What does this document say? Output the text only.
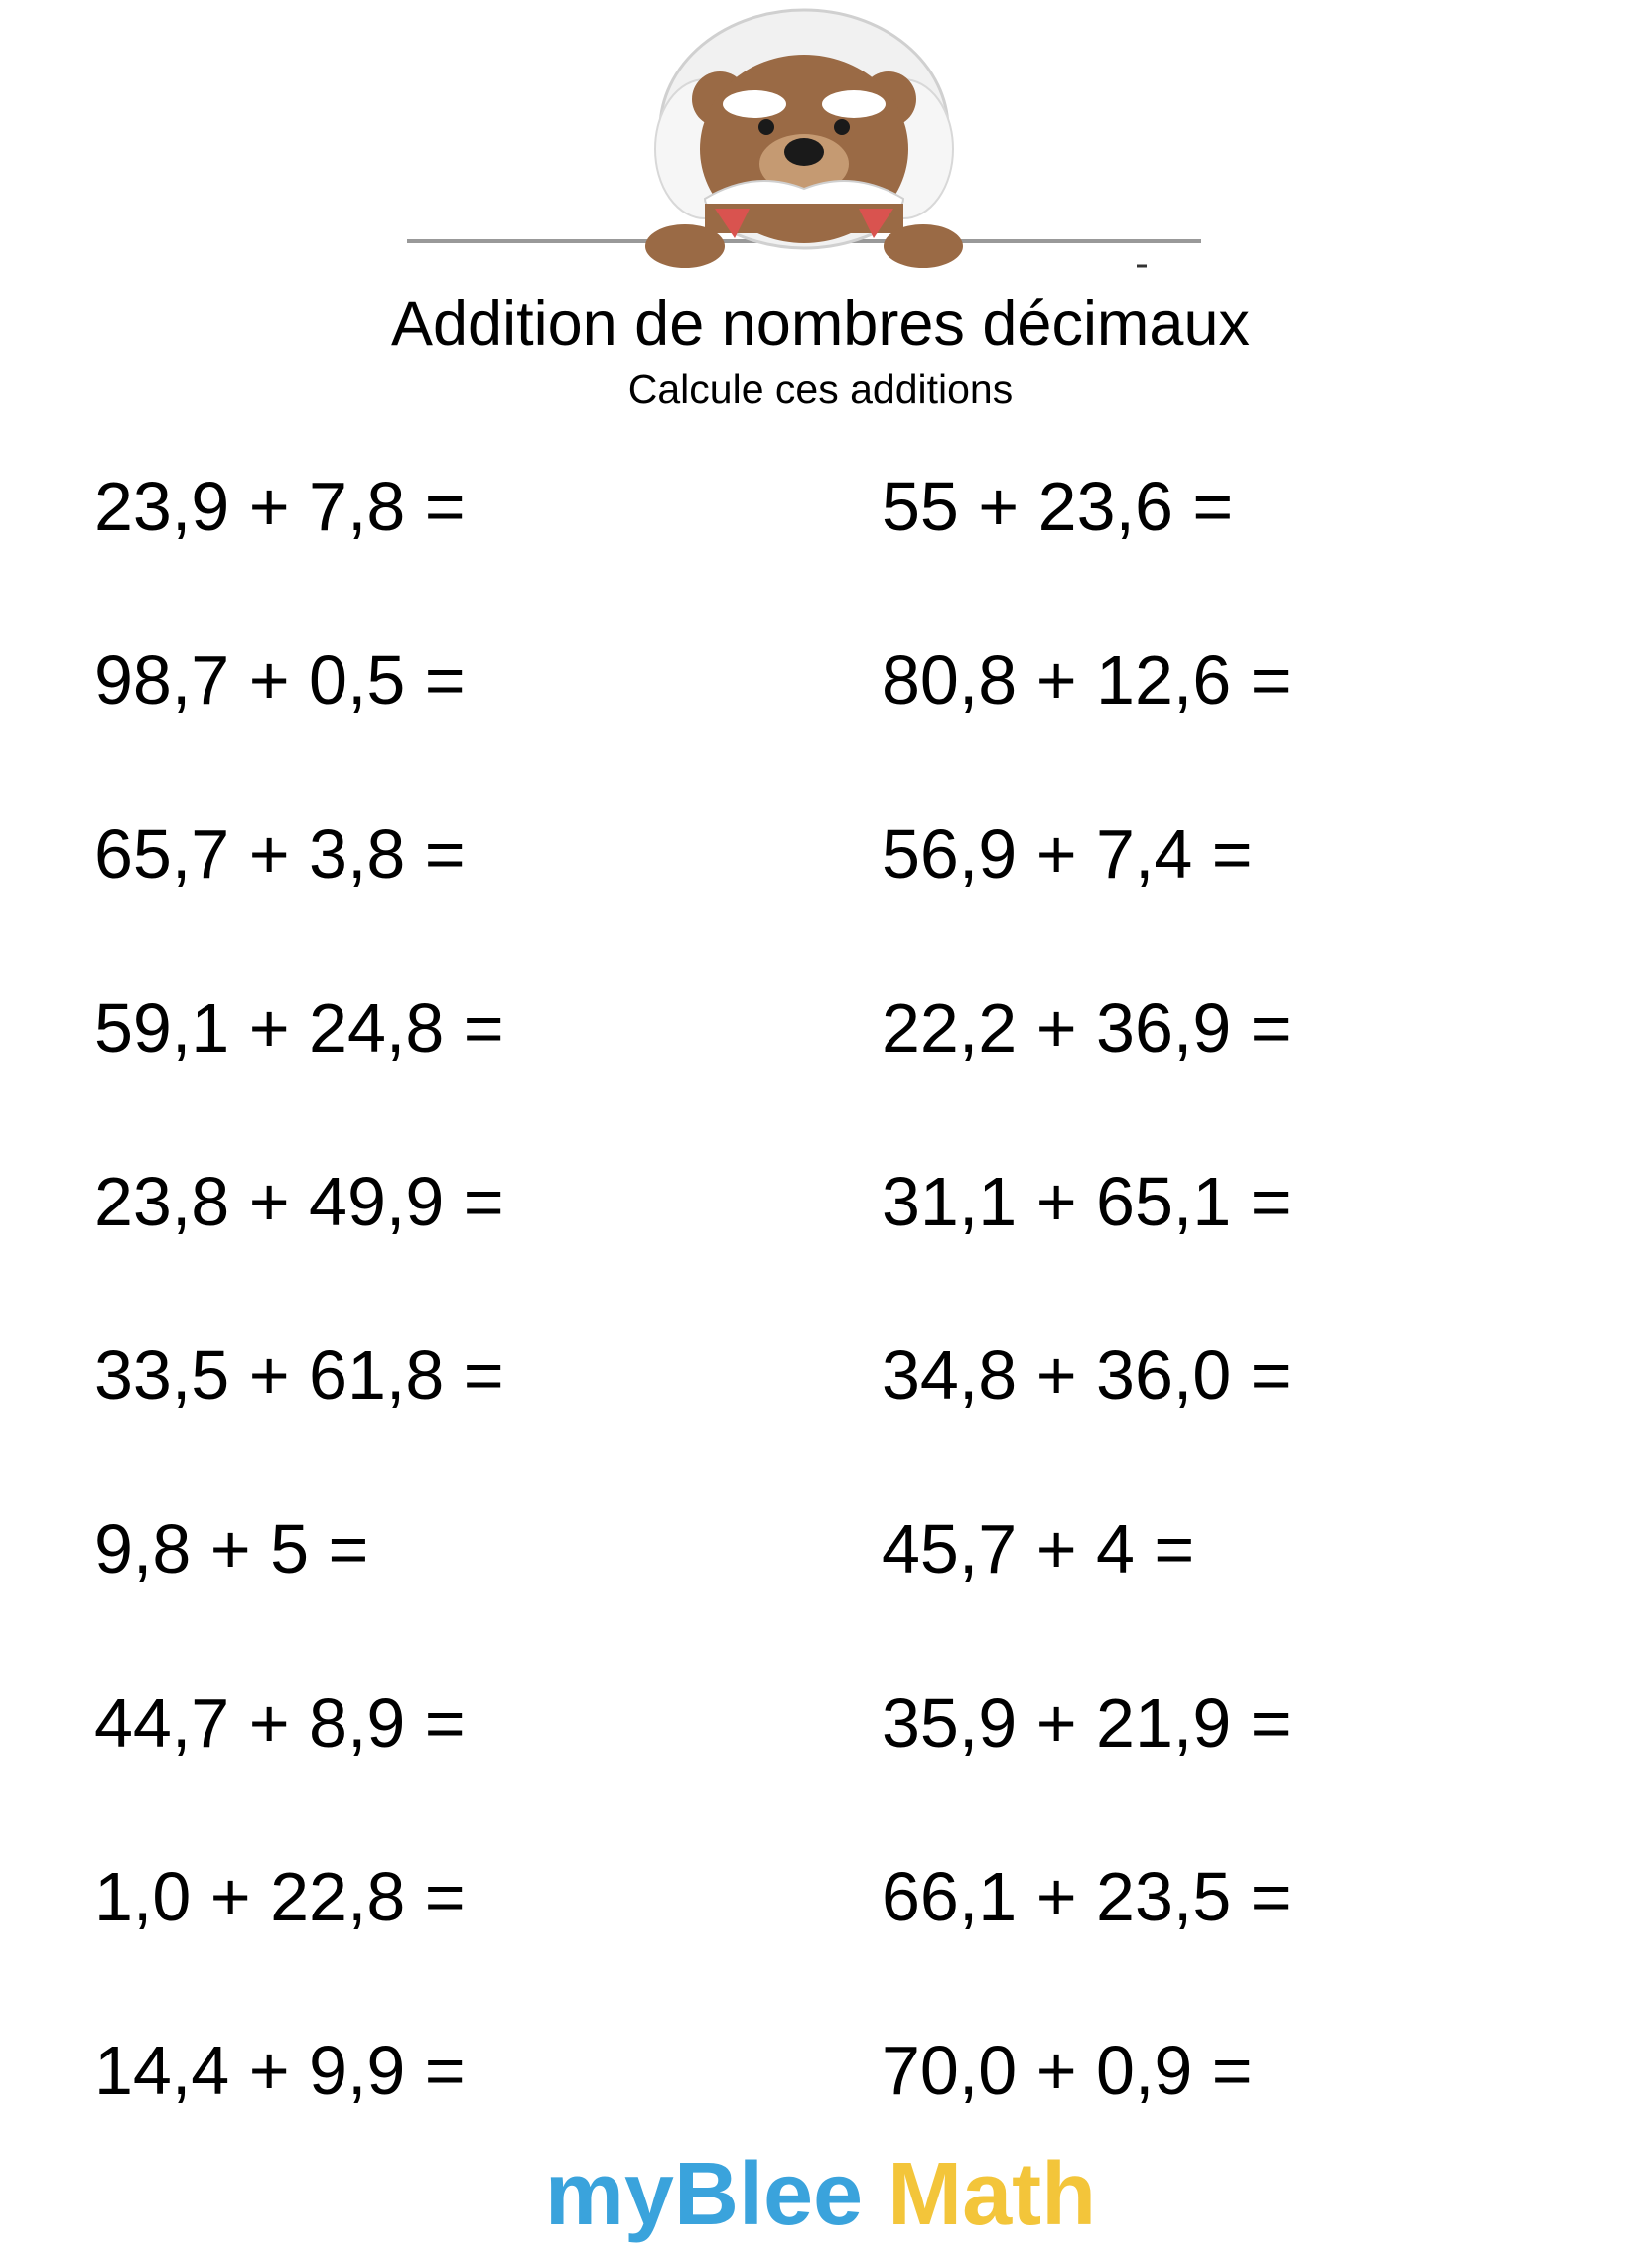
Addition de nombres décimaux
Calcule ces additions
23,9 + 7,8 =
98,7 + 0,5 =
65,7 + 3,8 =
59,1 + 24,8 =
23,8 + 49,9 =
33,5 + 61,8 =
9,8 + 5 =
44,7 + 8,9 =
1,0 + 22,8 =
14,4 + 9,9 =
55 + 23,6 =
80,8 + 12,6 =
56,9 + 7,4 =
22,2 + 36,9 =
31,1 + 65,1 =
34,8 + 36,0 =
45,7 + 4 =
35,9 + 21,9 =
66,1 + 23,5 =
70,0 + 0,9 =
myBlee Math
